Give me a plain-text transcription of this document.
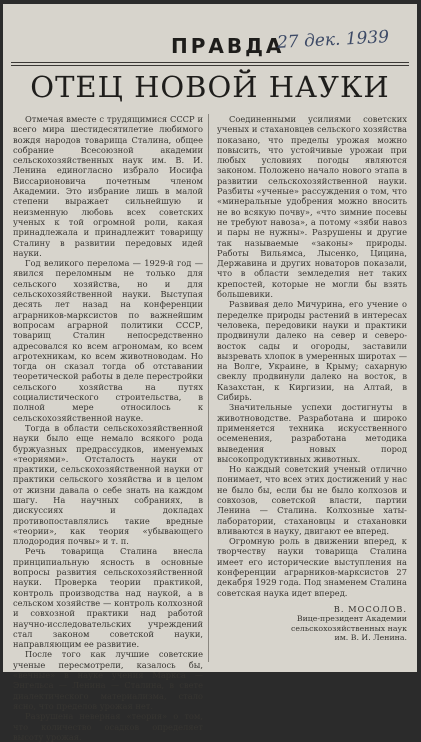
ПРАВДА
27 дек. 1939
ОТЕЦ НОВОЙ НАУКИ

Отмечая вместе с трудящимися СССР и всего мира шестидесятилетие любимого вождя народов товарища Сталина, общее собрание Всесоюзной академии сельскохозяйственных наук им. В. И. Ленина единогласно избрало Иосифа Виссарионовича почетным членом Академии. Это избрание лишь в малой степени выражает сильнейшую и неизменную любовь всех советских ученых к той огромной роли, какая принадлежала и принадлежит товарищу Сталину в развитии передовых идей науки.

Год великого перелома — 1929-й год — явился переломным не только для сельского хозяйства, но и для сельскохозяйственной науки. Выступая десять лет назад на конференции аграрников-марксистов по важнейшим вопросам аграрной политики СССР, товарищ Сталин непосредственно адресовался ко всем агрономам, ко всем агротехникам, ко всем животноводам. Но тогда он сказал тогда об отставании теоретической работы в деле перестройки сельского хозяйства на путях социалистического строительства, в полной мере относилось к сельскохозяйственной науке.

Тогда в области сельскохозяйственной науки было еще немало всякого рода буржуазных предрассудков, именуемых «теориями». Отсталость науки от практики, сельскохозяйственной науки от практики сельского хозяйства и в целом от жизни давала о себе знать на каждом шагу. На научных собраниях, в дискуссиях и докладах противопоставлялись такие вредные «теории», как теория «убывающего плодородия почвы» и т. п.

Речь товарища Сталина внесла принципиальную ясность в основные вопросы развития сельскохозяйственной науки. Проверка теории практикой, контроль производства над наукой, а в сельском хозяйстве — контроль колхозной и совхозной практики над работой научно-исследовательских учреждений стал законом советской науки, направляющим ее развитие.

После того как лучшие советские ученые пересмотрели, казалось бы, «вечные» в науке учения Маркса — Энгельса — Ленина — Сталина, в свете диалектического материализма, стало ясно, что пределов урожая нет.

Разрушена неверная «теория» о том, что количество осадков определяет высоту урожая.

Соединенными усилиями советских ученых и стахановцев сельского хозяйства показано, что пределы урожая можно повысить, что устойчивые урожаи при любых условиях погоды являются законом. Положено начало нового этапа в развитии сельскохозяйственной науки. Разбиты «ученые» рассуждения о том, что «минеральные удобрения можно вносить не во всякую почву», «что зимние посевы не требуют навоза», а потому «зяби навоз и пары не нужны». Разрушены и другие так называемые «законы» природы. Работы Вильямса, Лысенко, Цицина, Державина и других новаторов показали, что в области земледелия нет таких крепостей, которые не могли бы взять большевики.

Развивая дело Мичурина, его учение о переделке природы растений в интересах человека, передовики науки и практики продвинули далеко на север и северо-восток сады и огороды, заставили вызревать хлопок в умеренных широтах — на Волге, Украине, в Крыму; сахарную свеклу продвинули далеко на восток, в Казахстан, к Киргизии, на Алтай, в Сибирь.

Значительные успехи достигнуты в животноводстве. Разработана и широко применяется техника искусственного осеменения, разработана методика выведения новых пород высокопродуктивных животных.

Но каждый советский ученый отлично понимает, что всех этих достижений у нас не было бы, если бы не было колхозов и совхозов, советской власти, партии Ленина — Сталина. Колхозные хаты-лаборатории, стахановцы и стахановки вливаются в науку, двигают ее вперед.

Огромную роль в движении вперед, к творчеству науки товарища Сталина имеет его исторические выступления на конференции аграрников-марксистов 27 декабря 1929 года. Под знаменем Сталина советская наука идет вперед.

В. МОСОЛОВ.
Вице-президент Академии
сельскохозяйственных наук
им. В. И. Ленина.
